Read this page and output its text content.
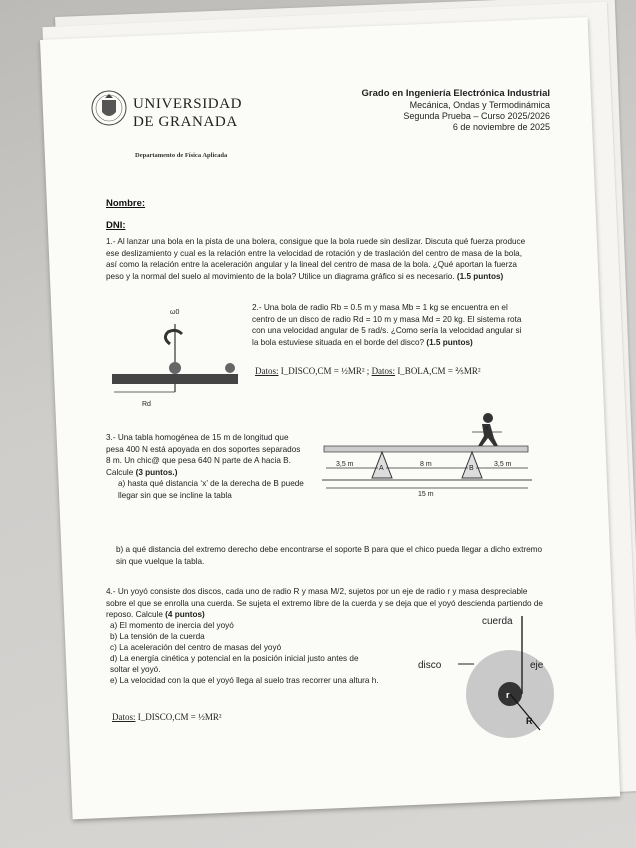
UNIVERSIDAD
DE GRANADA
Departamento de Física Aplicada
Grado en Ingeniería Electrónica Industrial
Mecánica, Ondas y Termodinámica
Segunda Prueba – Curso 2025/2026
6 de noviembre de 2025
Nombre:
DNI:
1.- Al lanzar una bola en la pista de una bolera, consigue que la bola ruede sin deslizar. Discuta qué fuerza produce ese deslizamiento y cual es la relación entre la velocidad de rotación y de traslación del centro de masa de la bola, así como la relación entre la aceleración angular y la lineal del centro de masa de la bola. ¿Qué aportan la fuerza peso y la normal del suelo al movimiento de la bola? Utilice un diagrama gráfico si es necesario. (1.5 puntos)
ω0
Rd
2.- Una bola de radio Rb = 0.5 m y masa Mb = 1 kg se encuentra en el centro de un disco de radio Rd = 10 m y masa Md = 20 kg. El sistema rota con una velocidad angular de 5 rad/s. ¿Como sería la velocidad angular si la bola estuviese situada en el borde del disco? (1.5 puntos)
Datos: I_DISCO,CM = ½MR² ; Datos: I_BOLA,CM = ⅖MR²
3.- Una tabla homogénea de 15 m de longitud que pesa 400 N está apoyada en dos soportes separados 8 m. Un chic@ que pesa 640 N parte de A hacia B. Calcule (3 puntos.)
a) hasta qué distancia ‘x’ de la derecha de B puede llegar sin que se incline la tabla
3,5 m	8 m	3,5 m
15 m
A	B
x
b) a qué distancia del extremo derecho debe encontrarse el soporte B para que el chico pueda llegar a dicho extremo sin que vuelque la tabla.
4.- Un yoyó consiste dos discos, cada uno de radio R y masa M/2, sujetos por un eje de radio r y masa despreciable sobre el que se enrolla una cuerda. Se sujeta el extremo libre de la cuerda y se deja que el yoyó descienda partiendo de reposo. Calcule (4 puntos)
a) El momento de inercia del yoyó
b) La tensión de la cuerda
c) La aceleración del centro de masas del yoyó
d) La energía cinética y potencial en la posición inicial justo antes de soltar el yoyó.
e) La velocidad con la que el yoyó llega al suelo tras recorrer una altura h.
Datos: I_DISCO,CM = ½MR²
cuerda
disco	eje
r
R
